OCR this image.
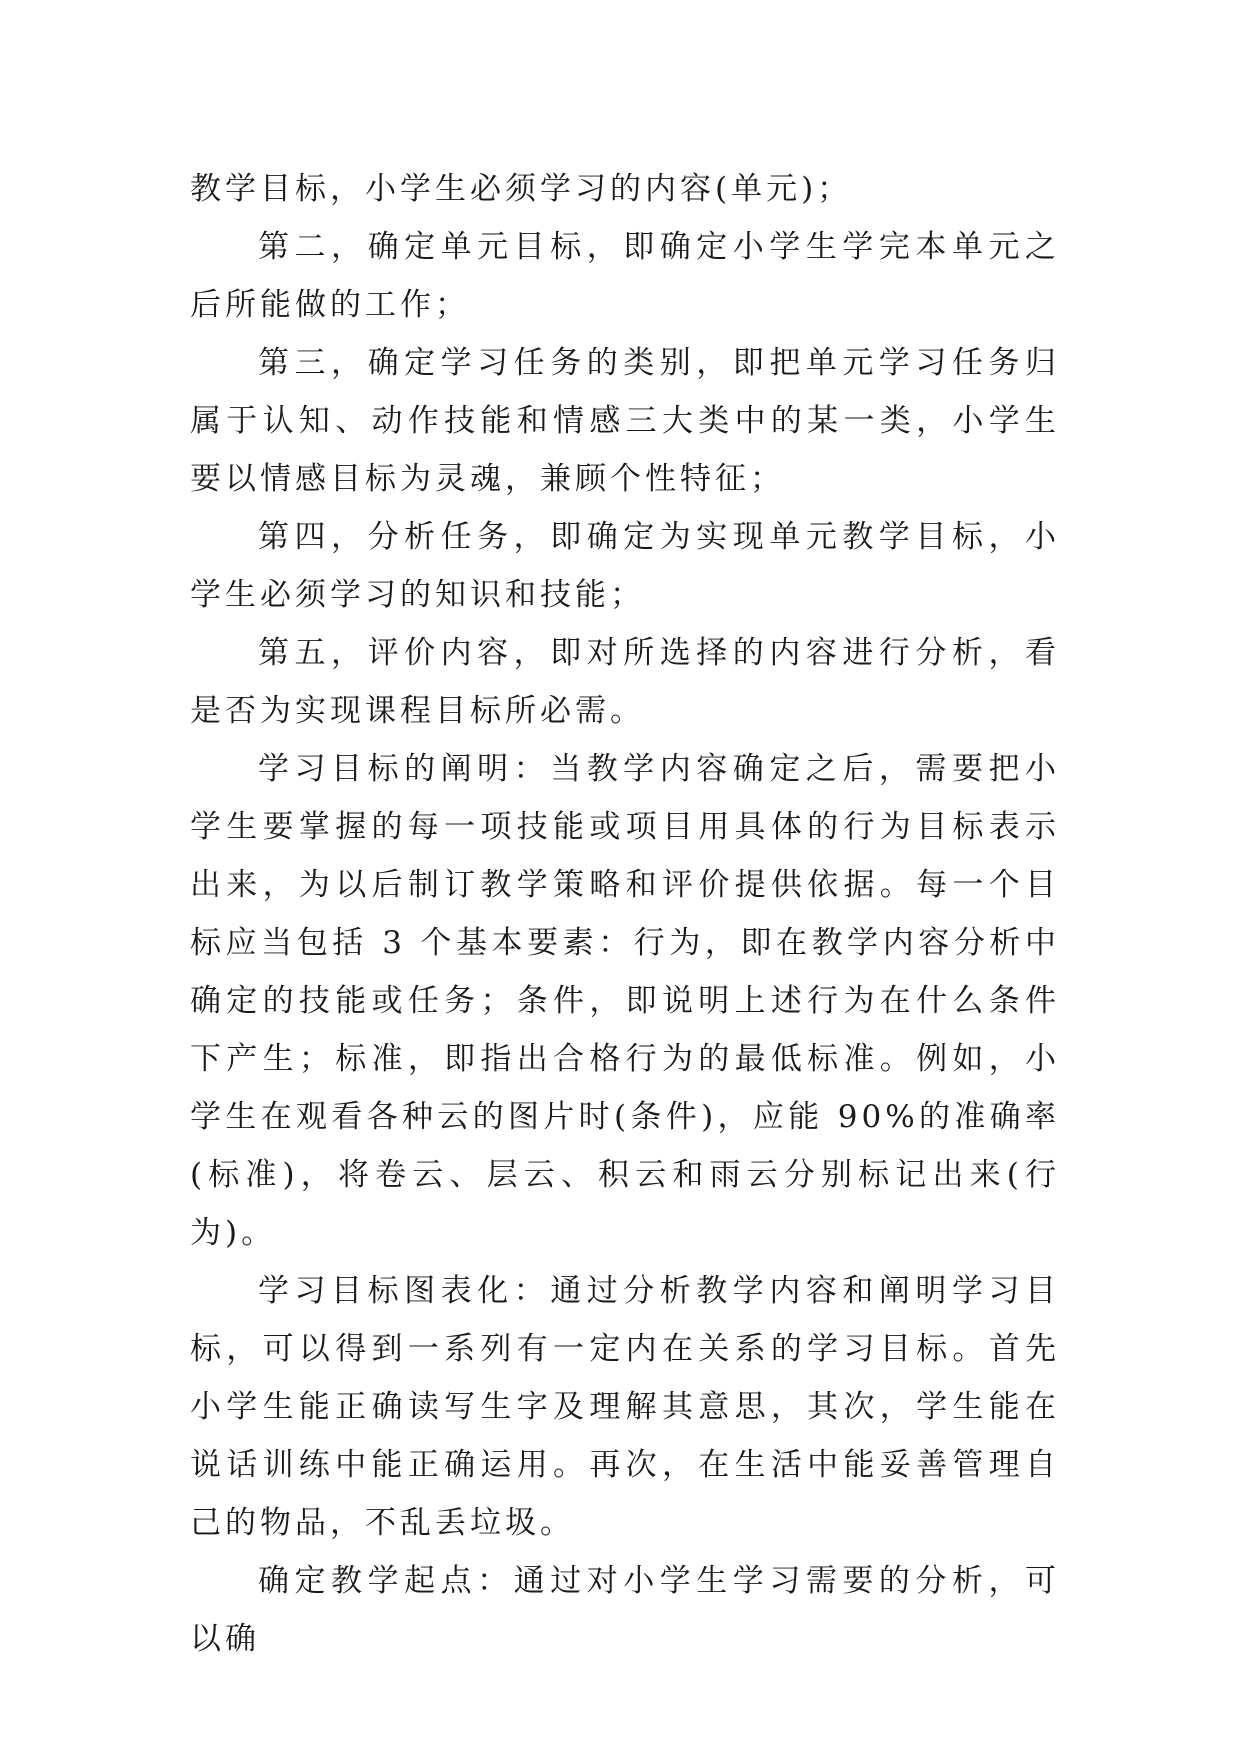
教学目标，小学生必须学习的内容(单元)；

第二，确定单元目标，即确定小学生学完本单元之后所能做的工作；

第三，确定学习任务的类别，即把单元学习任务归属于认知、动作技能和情感三大类中的某一类，小学生要以情感目标为灵魂，兼顾个性特征；

第四，分析任务，即确定为实现单元教学目标，小学生必须学习的知识和技能；

第五，评价内容，即对所选择的内容进行分析，看是否为实现课程目标所必需。

学习目标的阐明：当教学内容确定之后，需要把小学生要掌握的每一项技能或项目用具体的行为目标表示出来，为以后制订教学策略和评价提供依据。每一个目标应当包括 3 个基本要素：行为，即在教学内容分析中确定的技能或任务；条件，即说明上述行为在什么条件下产生；标准，即指出合格行为的最低标准。例如，小学生在观看各种云的图片时(条件)，应能 90%的准确率(标准)，将卷云、层云、积云和雨云分别标记出来(行为)。

学习目标图表化：通过分析教学内容和阐明学习目标，可以得到一系列有一定内在关系的学习目标。首先小学生能正确读写生字及理解其意思，其次，学生能在说话训练中能正确运用。再次，在生活中能妥善管理自己的物品，不乱丢垃圾。

确定教学起点：通过对小学生学习需要的分析，可以确
